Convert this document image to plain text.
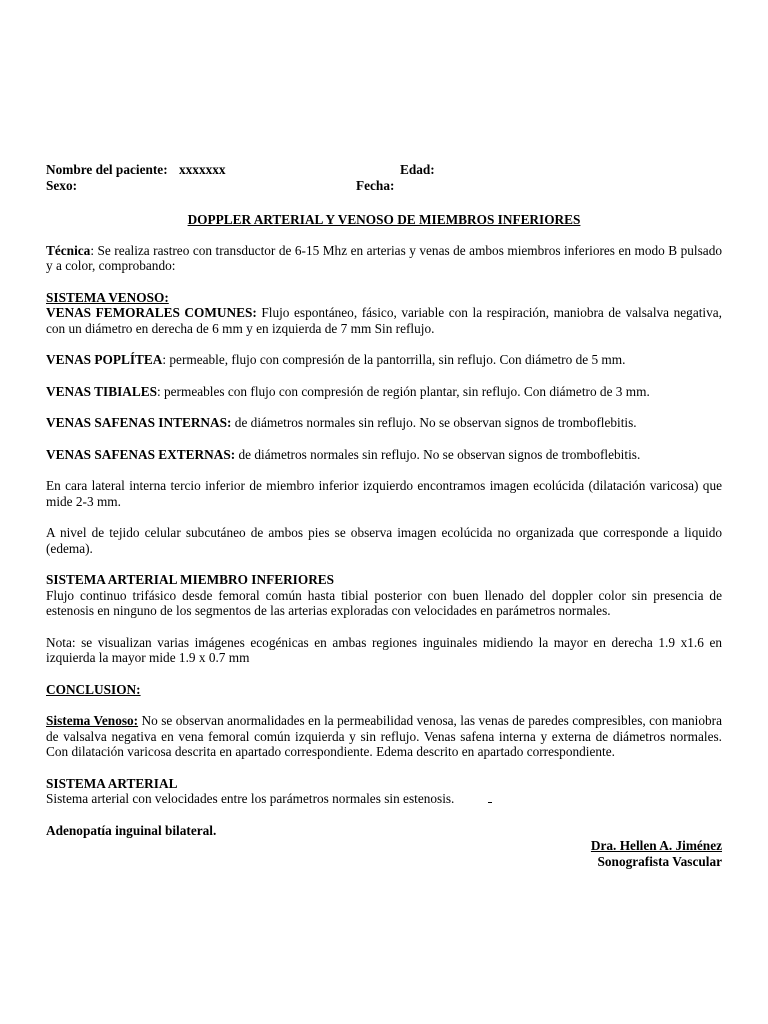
Nombre del paciente: xxxxxxx	Edad:
Sexo:	Fecha:

DOPPLER ARTERIAL Y VENOSO DE MIEMBROS INFERIORES

Técnica: Se realiza rastreo con transductor de 6-15 Mhz en arterias y venas de ambos miembros inferiores en modo B pulsado y a color, comprobando:

SISTEMA VENOSO:

VENAS FEMORALES COMUNES: Flujo espontáneo, fásico, variable con la respiración, maniobra de valsalva negativa, con un diámetro en derecha de 6 mm y en izquierda de 7 mm Sin reflujo.

VENAS POPLÍTEA: permeable, flujo con compresión de la pantorrilla, sin reflujo. Con diámetro de 5 mm.

VENAS TIBIALES: permeables con flujo con compresión de región plantar, sin reflujo. Con diámetro de 3 mm.

VENAS SAFENAS INTERNAS: de diámetros normales sin reflujo. No se observan signos de tromboflebitis.

VENAS SAFENAS EXTERNAS: de diámetros normales sin reflujo. No se observan signos de tromboflebitis.

En cara lateral interna tercio inferior de miembro inferior izquierdo encontramos imagen ecolúcida (dilatación varicosa) que mide 2-3 mm.

A nivel de tejido celular subcutáneo de ambos pies se observa imagen ecolúcida no organizada que corresponde a liquido (edema).

SISTEMA ARTERIAL MIEMBRO INFERIORES

Flujo continuo trifásico desde femoral común hasta tibial posterior con buen llenado del doppler color sin presencia de estenosis en ninguno de los segmentos de las arterias exploradas con velocidades en parámetros normales.

Nota: se visualizan varias imágenes ecogénicas en ambas regiones inguinales midiendo la mayor en derecha 1.9 x1.6 en izquierda la mayor mide 1.9 x 0.7 mm

CONCLUSION:

Sistema Venoso: No se observan anormalidades en la permeabilidad venosa, las venas de paredes compresibles, con maniobra de valsalva negativa en vena femoral común izquierda y sin reflujo. Venas safena interna y externa de diámetros normales. Con dilatación varicosa descrita en apartado correspondiente. Edema descrito en apartado correspondiente.

SISTEMA ARTERIAL

Sistema arterial con velocidades entre los parámetros normales sin estenosis.

Adenopatía inguinal bilateral.

Dra. Hellen A. Jiménez

Sonografista Vascular
